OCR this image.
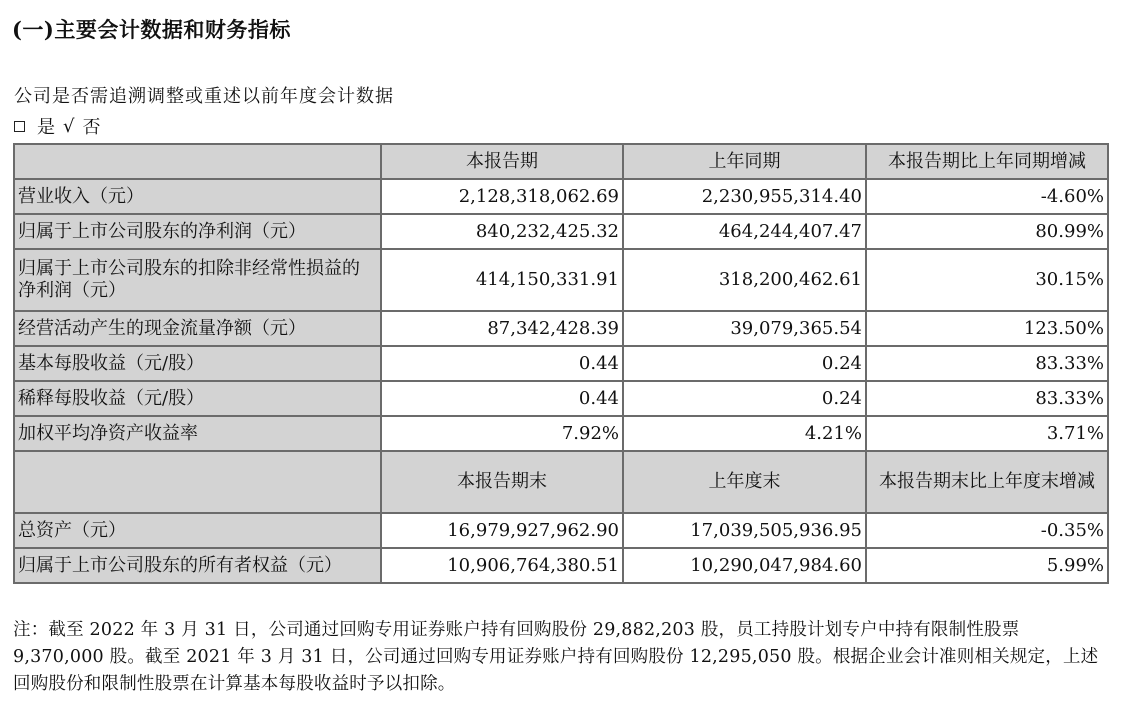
(一)主要会计数据和财务指标
公司是否需追溯调整或重述以前年度会计数据
是 √ 否
	本报告期	上年同期	本报告期比上年同期增减
营业收入（元）	2,128,318,062.69	2,230,955,314.40	-4.60%
归属于上市公司股东的净利润（元）	840,232,425.32	464,244,407.47	80.99%
归属于上市公司股东的扣除非经常性损益的净利润（元）	414,150,331.91	318,200,462.61	30.15%
经营活动产生的现金流量净额（元）	87,342,428.39	39,079,365.54	123.50%
基本每股收益（元/股）	0.44	0.24	83.33%
稀释每股收益（元/股）	0.44	0.24	83.33%
加权平均净资产收益率	7.92%	4.21%	3.71%
	本报告期末	上年度末	本报告期末比上年度末增减
总资产（元）	16,979,927,962.90	17,039,505,936.95	-0.35%
归属于上市公司股东的所有者权益（元）	10,906,764,380.51	10,290,047,984.60	5.99%
注：截至 2022 年 3 月 31 日，公司通过回购专用证券账户持有回购股份 29,882,203 股，员工持股计划专户中持有限制性股票 9,370,000 股。截至 2021 年 3 月 31 日，公司通过回购专用证券账户持有回购股份 12,295,050 股。根据企业会计准则相关规定，上述回购股份和限制性股票在计算基本每股收益时予以扣除。
